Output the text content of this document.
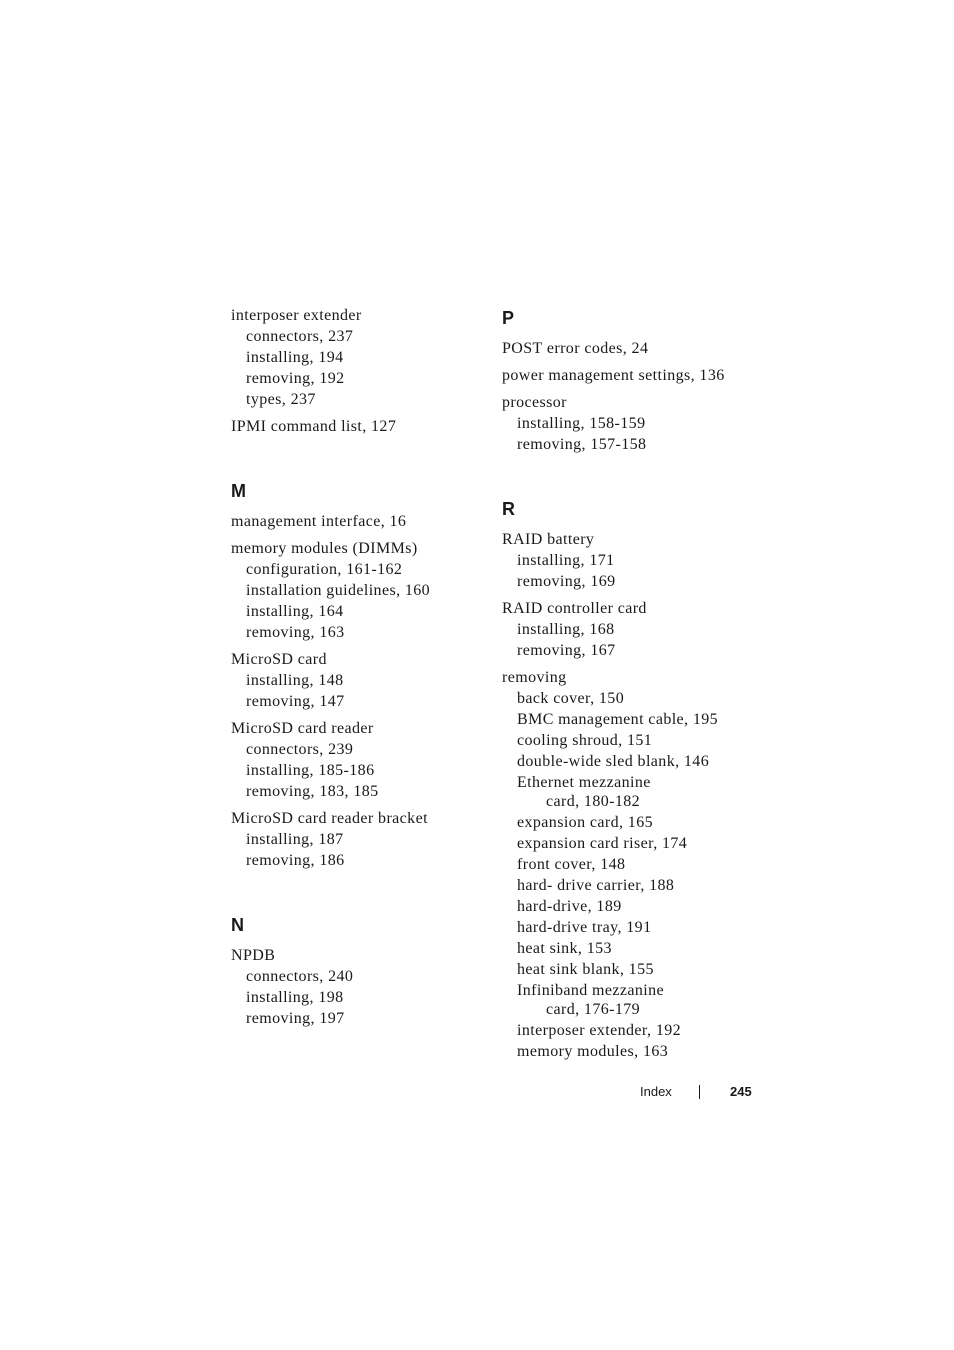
interposer extender
connectors, 237
installing, 194
removing, 192
types, 237
IPMI command list, 127
M
management interface, 16
memory modules (DIMMs)
configuration, 161-162
installation guidelines, 160
installing, 164
removing, 163
MicroSD card
installing, 148
removing, 147
MicroSD card reader
connectors, 239
installing, 185-186
removing, 183, 185
MicroSD card reader bracket
installing, 187
removing, 186
N
NPDB
connectors, 240
installing, 198
removing, 197
P
POST error codes, 24
power management settings, 136
processor
installing, 158-159
removing, 157-158
R
RAID battery
installing, 171
removing, 169
RAID controller card
installing, 168
removing, 167
removing
back cover, 150
BMC management cable, 195
cooling shroud, 151
double-wide sled blank, 146
Ethernet mezzanine
card, 180-182
expansion card, 165
expansion card riser, 174
front cover, 148
hard- drive carrier, 188
hard-drive, 189
hard-drive tray, 191
heat sink, 153
heat sink blank, 155
Infiniband mezzanine
card, 176-179
interposer extender, 192
memory modules, 163
Index	245
